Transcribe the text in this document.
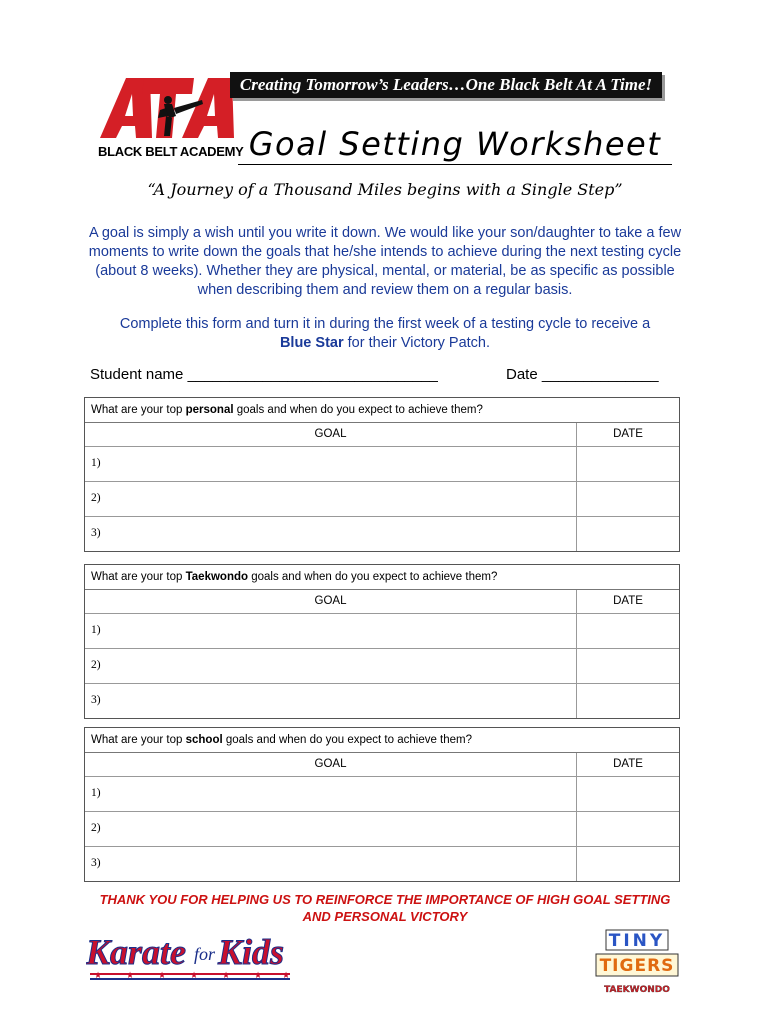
BLACK BELT ACADEMY
Creating Tomorrow’s Leaders…One Black Belt At A Time!
Goal Setting Worksheet
“A Journey of a Thousand Miles begins with a Single Step”
A goal is simply a wish until you write it down. We would like your son/daughter to take a few moments to write down the goals that he/she intends to achieve during the next testing cycle (about 8 weeks). Whether they are physical, mental, or material, be as specific as possible when describing them and review them on a regular basis.
Complete this form and turn it in during the first week of a testing cycle to receive a
Blue Star for their Victory Patch.
Student name ______________________________	Date ______________
What are your top personal goals and when do you expect to achieve them?
GOAL	DATE
1)
2)
3)
What are your top Taekwondo goals and when do you expect to achieve them?
GOAL	DATE
1)
2)
3)
What are your top school goals and when do you expect to achieve them?
GOAL	DATE
1)
2)
3)
THANK YOU FOR HELPING US TO REINFORCE THE IMPORTANCE OF HIGH GOAL SETTING AND PERSONAL VICTORY
Karate for Kids
★	★	★	★	★	★ ★
TINY
TIGERS
TAEKWONDO
